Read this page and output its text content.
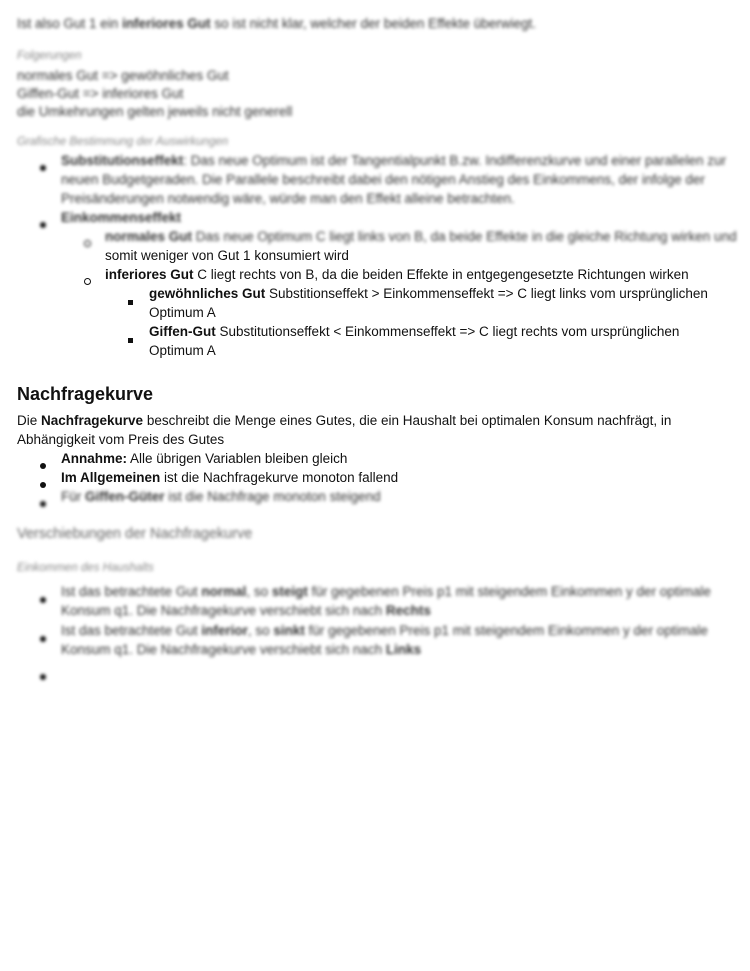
Ist also Gut 1 ein inferiores Gut so ist nicht klar, welcher der beiden Effekte überwiegt.
Folgerungen
normales Gut => gewöhnliches Gut
Giffen-Gut => inferiores Gut
die Umkehrungen gelten jeweils nicht generell
Grafische Bestimmung der Auswirkungen
Substitutionseffekt: Das neue Optimum ist der Tangentialpunkt B.zw. Indifferenzkurve und einer parallelen zur
neuen Budgetgeraden. Die Parallele beschreibt dabei den nötigen Anstieg des Einkommens, der infolge der
Preisänderungen notwendig wäre, würde man den Effekt alleine betrachten.
Einkommenseffekt
normales Gut Das neue Optimum C liegt links von B, da beide Effekte in die gleiche Richtung wirken und
somit weniger von Gut 1 konsumiert wird
inferiores Gut C liegt rechts von B, da die beiden Effekte in entgegengesetzte Richtungen wirken
gewöhnliches Gut Substitionseffekt > Einkommenseffekt => C liegt links vom ursprünglichen
Optimum A
Giffen-Gut Substitutionseffekt < Einkommenseffekt => C liegt rechts vom ursprünglichen
Optimum A
Nachfragekurve
Die Nachfragekurve beschreibt die Menge eines Gutes, die ein Haushalt bei optimalen Konsum nachfrägt, in
Abhängigkeit vom Preis des Gutes
Annahme: Alle übrigen Variablen bleiben gleich
Im Allgemeinen ist die Nachfragekurve monoton fallend
Für Giffen-Güter ist die Nachfrage monoton steigend
Verschiebungen der Nachfragekurve
Einkommen des Haushalts
Ist das betrachtete Gut normal, so steigt für gegebenen Preis p1 mit steigendem Einkommen y der optimale
Konsum q1. Die Nachfragekurve verschiebt sich nach Rechts
Ist das betrachtete Gut inferior, so sinkt für gegebenen Preis p1 mit steigendem Einkommen y der optimale
Konsum q1. Die Nachfragekurve verschiebt sich nach Links
